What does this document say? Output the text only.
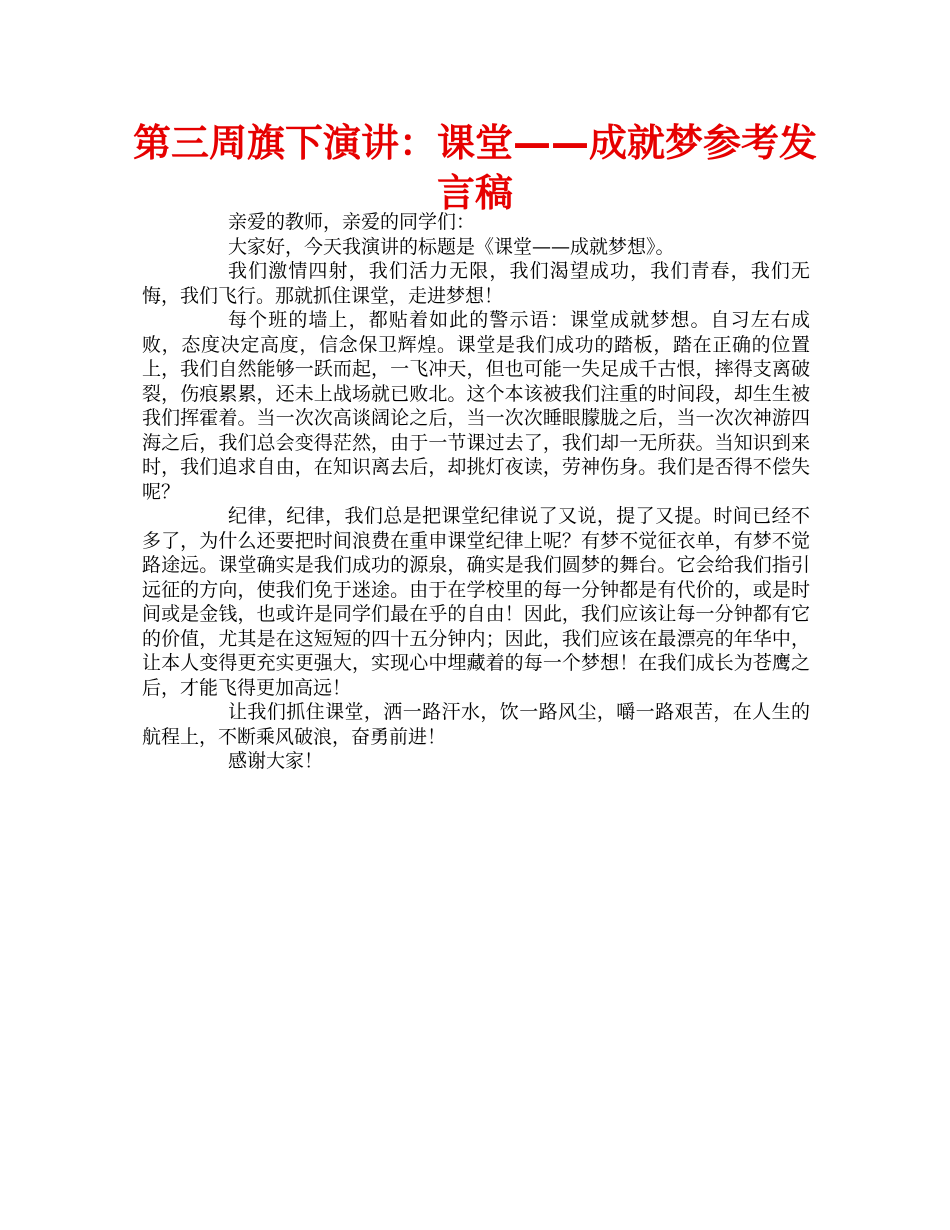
第三周旗下演讲：课堂——成就梦参考发言稿

亲爱的教师，亲爱的同学们：

大家好，今天我演讲的标题是《课堂——成就梦想》。

我们激情四射，我们活力无限，我们渴望成功，我们青春，我们无悔，我们飞行。那就抓住课堂，走进梦想！

每个班的墙上，都贴着如此的警示语：课堂成就梦想。自习左右成败，态度决定高度，信念保卫辉煌。课堂是我们成功的踏板，踏在正确的位置上，我们自然能够一跃而起，一飞冲天，但也可能一失足成千古恨，摔得支离破裂，伤痕累累，还未上战场就已败北。这个本该被我们注重的时间段，却生生被我们挥霍着。当一次次高谈阔论之后，当一次次睡眼朦胧之后，当一次次神游四海之后，我们总会变得茫然，由于一节课过去了，我们却一无所获。当知识到来时，我们追求自由，在知识离去后，却挑灯夜读，劳神伤身。我们是否得不偿失呢？

纪律，纪律，我们总是把课堂纪律说了又说，提了又提。时间已经不多了，为什么还要把时间浪费在重申课堂纪律上呢？有梦不觉征衣单，有梦不觉路途远。课堂确实是我们成功的源泉，确实是我们圆梦的舞台。它会给我们指引远征的方向，使我们免于迷途。由于在学校里的每一分钟都是有代价的，或是时间或是金钱，也或许是同学们最在乎的自由！因此，我们应该让每一分钟都有它的价值，尤其是在这短短的四十五分钟内；因此，我们应该在最漂亮的年华中，让本人变得更充实更强大，实现心中埋藏着的每一个梦想！在我们成长为苍鹰之后，才能飞得更加高远！

让我们抓住课堂，洒一路汗水，饮一路风尘，嚼一路艰苦，在人生的航程上，不断乘风破浪，奋勇前进！

感谢大家！
